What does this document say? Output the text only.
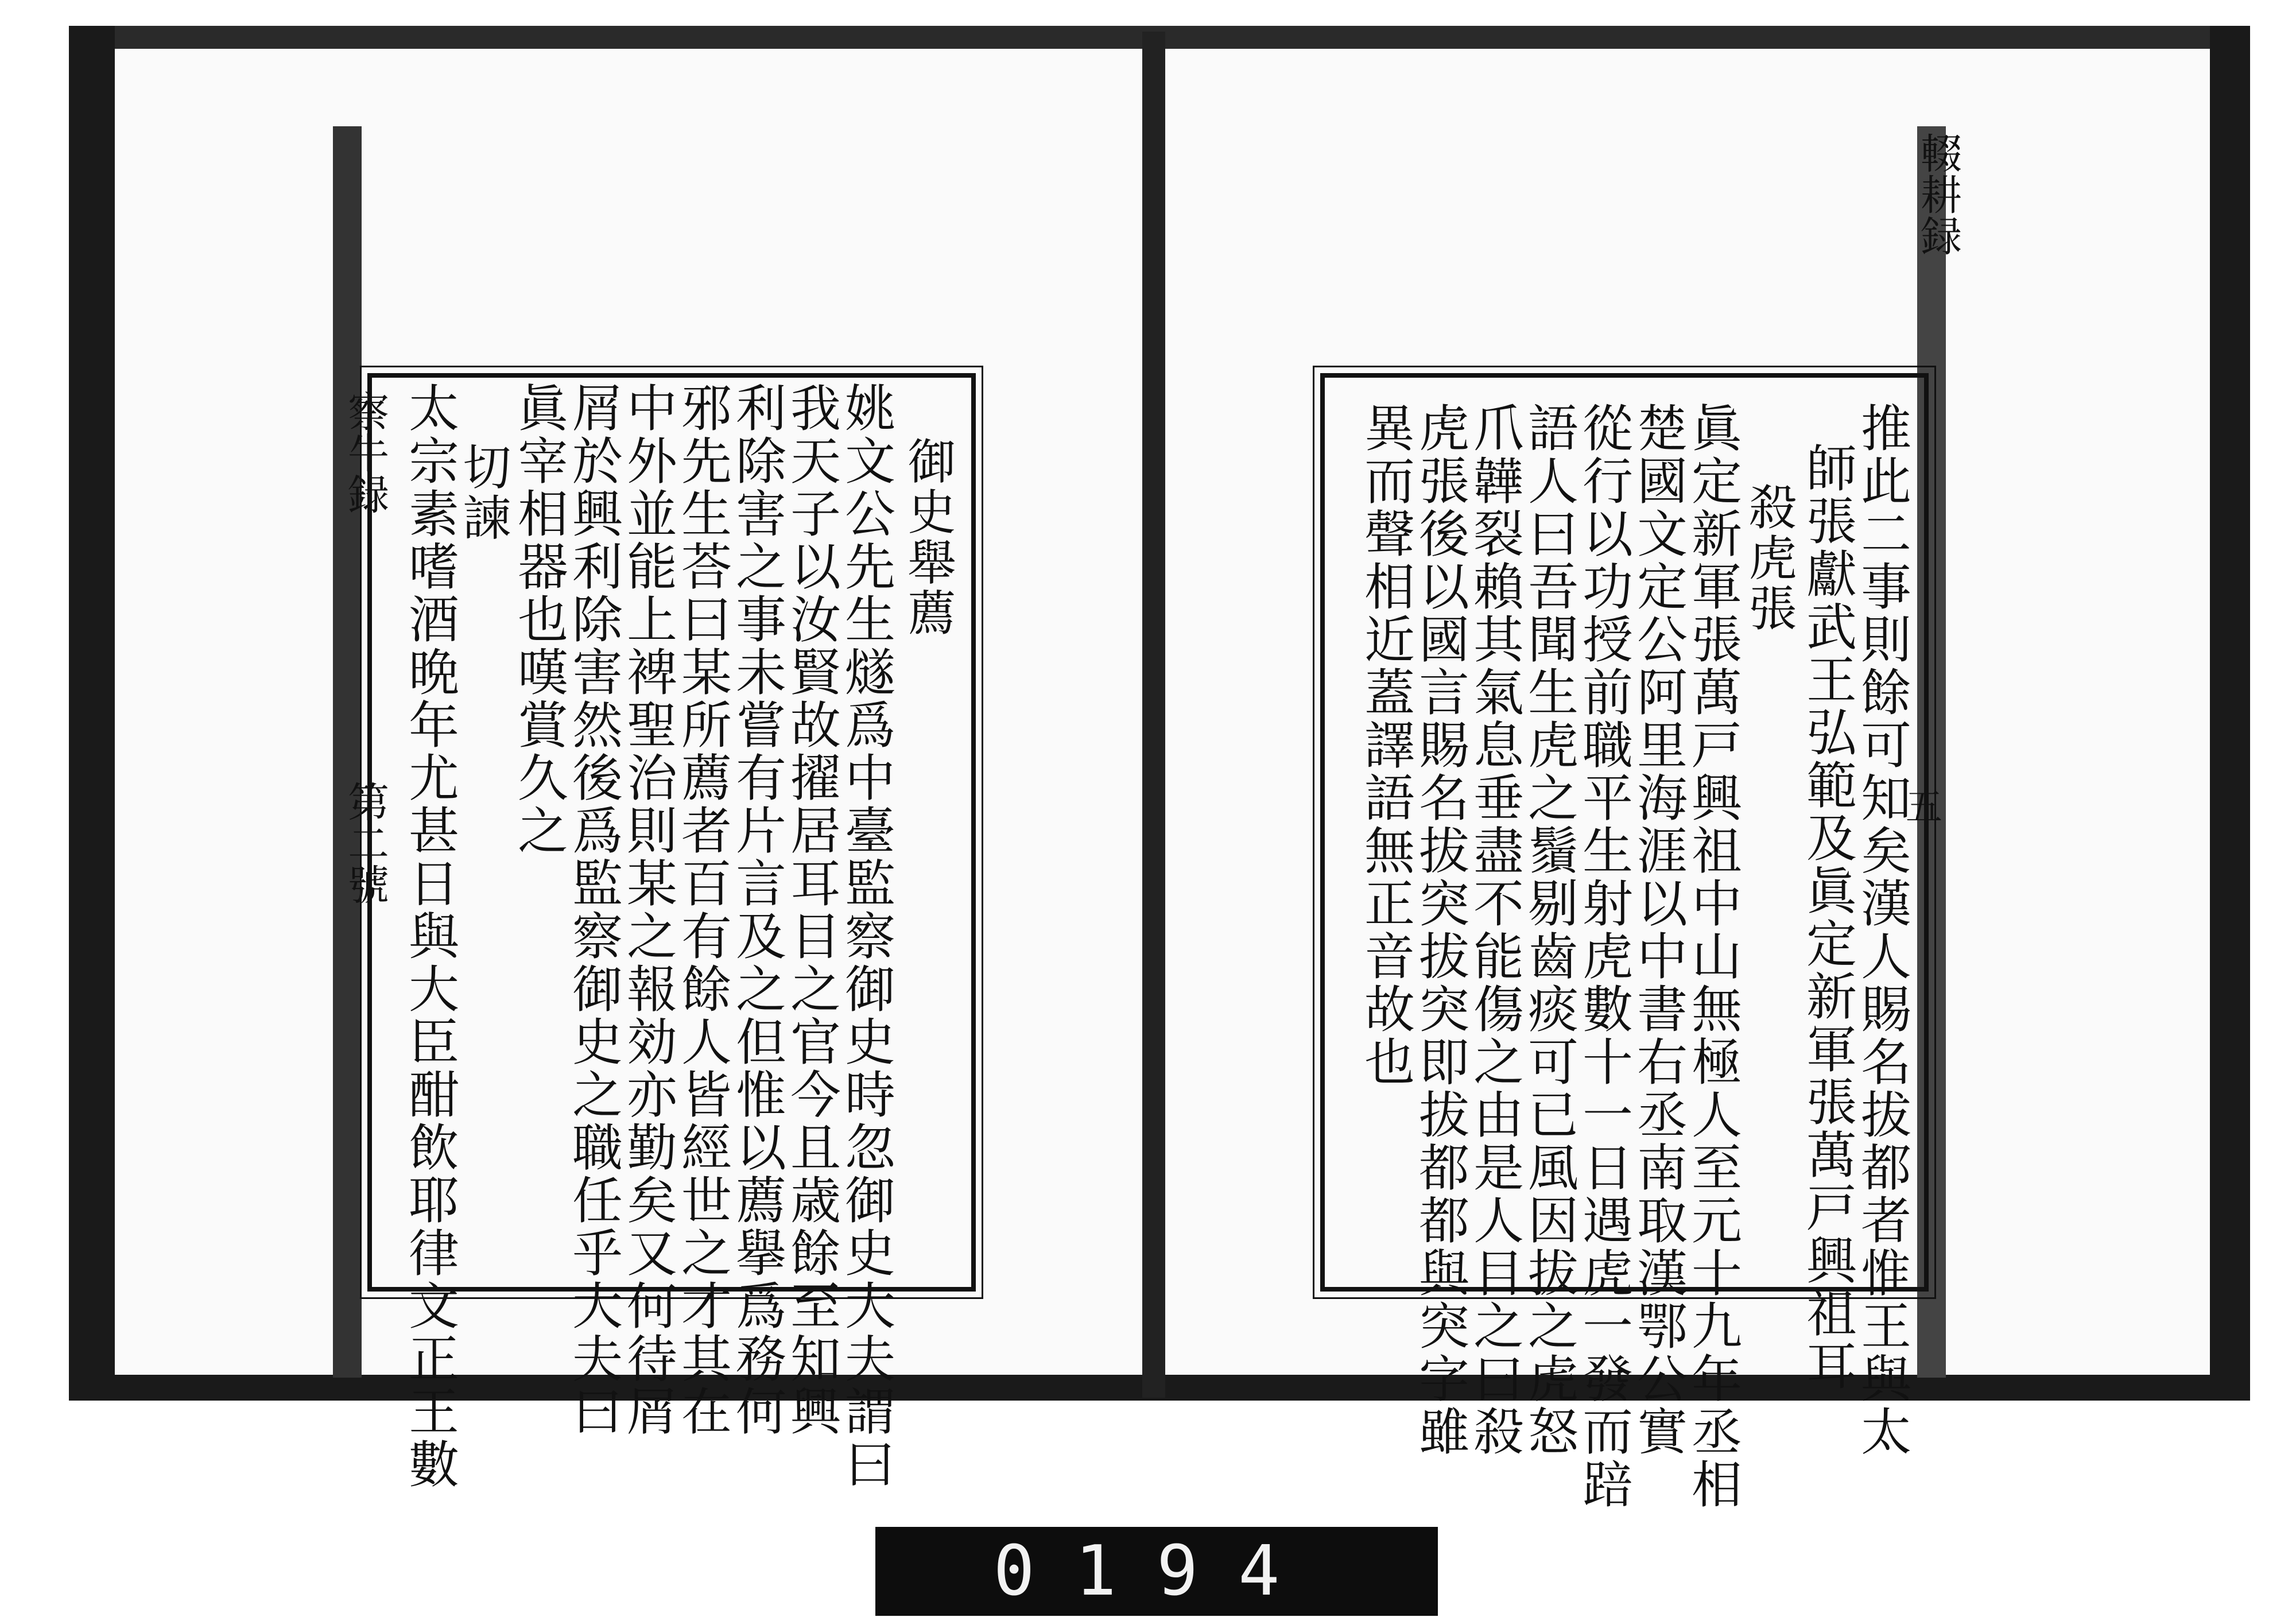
察牛録
第二號
御史舉薦
姚文公先生燧爲中臺監察御史時忽御史大夫謂曰
我天子以汝賢故擢居耳目之官今且歳餘至知興
利除害之事未嘗有片言及之但惟以薦擧爲務何
邪先生荅曰某所薦者百有餘人皆經世之才其在
中外並能上裨聖治則某之報効亦勤矣又何待屑
屑於興利除害然後爲監察御史之職任乎大夫曰
眞宰相器也嘆賞久之
切諫
太宗素嗜酒晩年尤甚日與大臣酣飲耶律文正王數
輟耕録
五
推此二事則餘可知矣漢人賜名拔都者惟王與太
師張獻武王弘範及眞定新軍張萬戸興祖耳
殺虎張
眞定新軍張萬戸興祖中山無極人至元十九年丞相
楚國文定公阿里海涯以中書右丞南取漢鄂公實
從行以功授前職平生射虎數十一日遇虎一發而踣
語人曰吾聞生虎之鬚剔齒痰可已風因拔之虎怒
爪韡裂賴其氣息垂盡不能傷之由是人目之曰殺
虎張後以國言賜名拔突拔突即拔都都與突字雖
異而聲相近蓋譯語無正音故也
0194
